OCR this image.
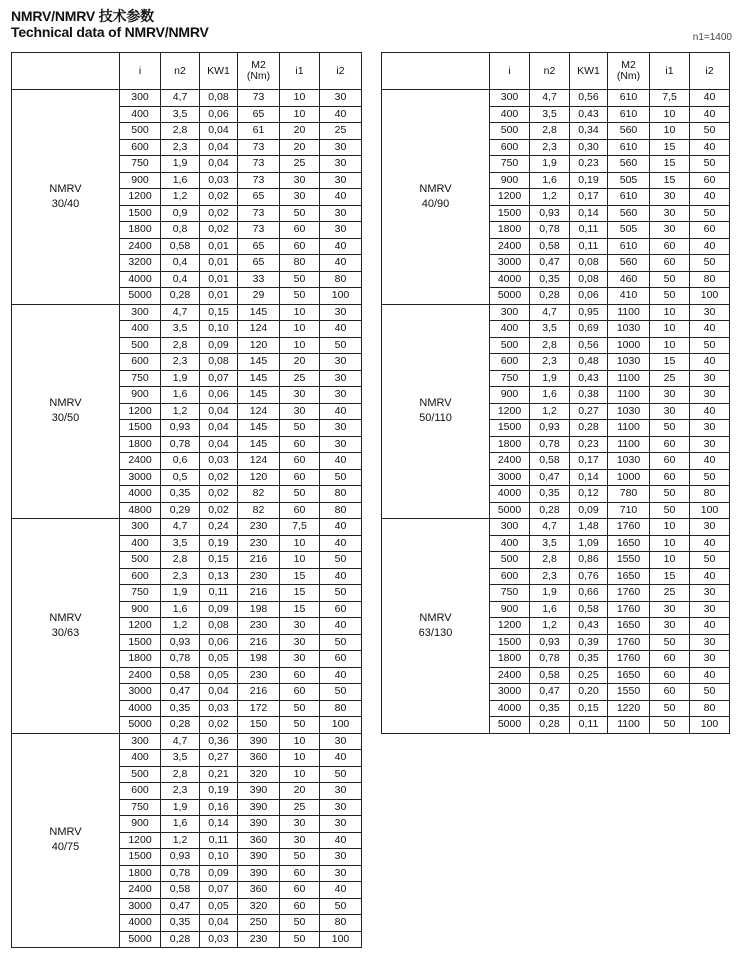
NMRV/NMRV 技术参数
Technical data of NMRV/NMRV	n1=1400
	i	n2	KW1	M2
(Nm)	i1	i2

NMRV
30/40	300	4,7	0,08	73	10	30
	400	3,5	0,06	65	10	40
	500	2,8	0,04	61	20	25
	600	2,3	0,04	73	20	30
	750	1,9	0,04	73	25	30
	900	1,6	0,03	73	30	30
	1200	1,2	0,02	65	30	40
	1500	0,9	0,02	73	50	30
	1800	0,8	0,02	73	60	30
	2400	0,58	0,01	65	60	40
	3200	0,4	0,01	65	80	40
	4000	0,4	0,01	33	50	80
	5000	0,28	0,01	29	50	100

NMRV
30/50	300	4,7	0,15	145	10	30
	400	3,5	0,10	124	10	40
	500	2,8	0,09	120	10	50
	600	2,3	0,08	145	20	30
	750	1,9	0,07	145	25	30
	900	1,6	0,06	145	30	30
	1200	1,2	0,04	124	30	40
	1500	0,93	0,04	145	50	30
	1800	0,78	0,04	145	60	30
	2400	0,6	0,03	124	60	40
	3000	0,5	0,02	120	60	50
	4000	0,35	0,02	82	50	80
	4800	0,29	0,02	82	60	80

NMRV
30/63	300	4,7	0,24	230	7,5	40
	400	3,5	0,19	230	10	40
	500	2,8	0,15	216	10	50
	600	2,3	0,13	230	15	40
	750	1,9	0,11	216	15	50
	900	1,6	0,09	198	15	60
	1200	1,2	0,08	230	30	40
	1500	0,93	0,06	216	30	50
	1800	0,78	0,05	198	30	60
	2400	0,58	0,05	230	60	40
	3000	0,47	0,04	216	60	50
	4000	0,35	0,03	172	50	80
	5000	0,28	0,02	150	50	100

NMRV
40/75	300	4,7	0,36	390	10	30
	400	3,5	0,27	360	10	40
	500	2,8	0,21	320	10	50
	600	2,3	0,19	390	20	30
	750	1,9	0,16	390	25	30
	900	1,6	0,14	390	30	30
	1200	1,2	0,11	360	30	40
	1500	0,93	0,10	390	50	30
	1800	0,78	0,09	390	60	30
	2400	0,58	0,07	360	60	40
	3000	0,47	0,05	320	60	50
	4000	0,35	0,04	250	50	80
	5000	0,28	0,03	230	50	100
	i	n2	KW1	M2
(Nm)	i1	i2

NMRV
40/90	300	4,7	0,56	610	7,5	40
	400	3,5	0,43	610	10	40
	500	2,8	0,34	560	10	50
	600	2,3	0,30	610	15	40
	750	1,9	0,23	560	15	50
	900	1,6	0,19	505	15	60
	1200	1,2	0,17	610	30	40
	1500	0,93	0,14	560	30	50
	1800	0,78	0,11	505	30	60
	2400	0,58	0,11	610	60	40
	3000	0,47	0,08	560	60	50
	4000	0,35	0,08	460	50	80
	5000	0,28	0,06	410	50	100

NMRV
50/110	300	4,7	0,95	1100	10	30
	400	3,5	0,69	1030	10	40
	500	2,8	0,56	1000	10	50
	600	2,3	0,48	1030	15	40
	750	1,9	0,43	1100	25	30
	900	1,6	0,38	1100	30	30
	1200	1,2	0,27	1030	30	40
	1500	0,93	0,28	1100	50	30
	1800	0,78	0,23	1100	60	30
	2400	0,58	0,17	1030	60	40
	3000	0,47	0,14	1000	60	50
	4000	0,35	0,12	780	50	80
	5000	0,28	0,09	710	50	100

NMRV
63/130	300	4,7	1,48	1760	10	30
	400	3,5	1,09	1650	10	40
	500	2,8	0,86	1550	10	50
	600	2,3	0,76	1650	15	40
	750	1,9	0,66	1760	25	30
	900	1,6	0,58	1760	30	30
	1200	1,2	0,43	1650	30	40
	1500	0,93	0,39	1760	50	30
	1800	0,78	0,35	1760	60	30
	2400	0,58	0,25	1650	60	40
	3000	0,47	0,20	1550	60	50
	4000	0,35	0,15	1220	50	80
	5000	0,28	0,11	1100	50	100
